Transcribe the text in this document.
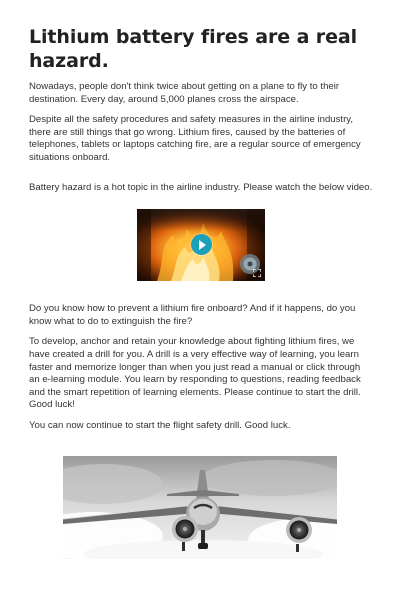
Lithium battery fires are a real hazard.

Nowadays, people don't think twice about getting on a plane to fly to their destination. Every day, around 5,000 planes cross the airspace.

Despite all the safety procedures and safety measures in the airline industry, there are still things that go wrong. Lithium fires, caused by the batteries of telephones, tablets or laptops catching fire, are a regular source of emergency situations onboard.

Battery hazard is a hot topic in the airline industry. Please watch the below video.

Do you know how to prevent a lithium fire onboard? And if it happens, do you know what to do to extinguish the fire?

To develop, anchor and retain your knowledge about fighting lithium fires, we have created a drill for you. A drill is a very effective way of learning, you learn faster and memorize longer than when you just read a manual or click through an e-learning module. You learn by responding to questions, reading feedback and the smart repetition of learning elements. Please continue to start the drill. Good luck!

You can now continue to start the flight safety drill. Good luck.
